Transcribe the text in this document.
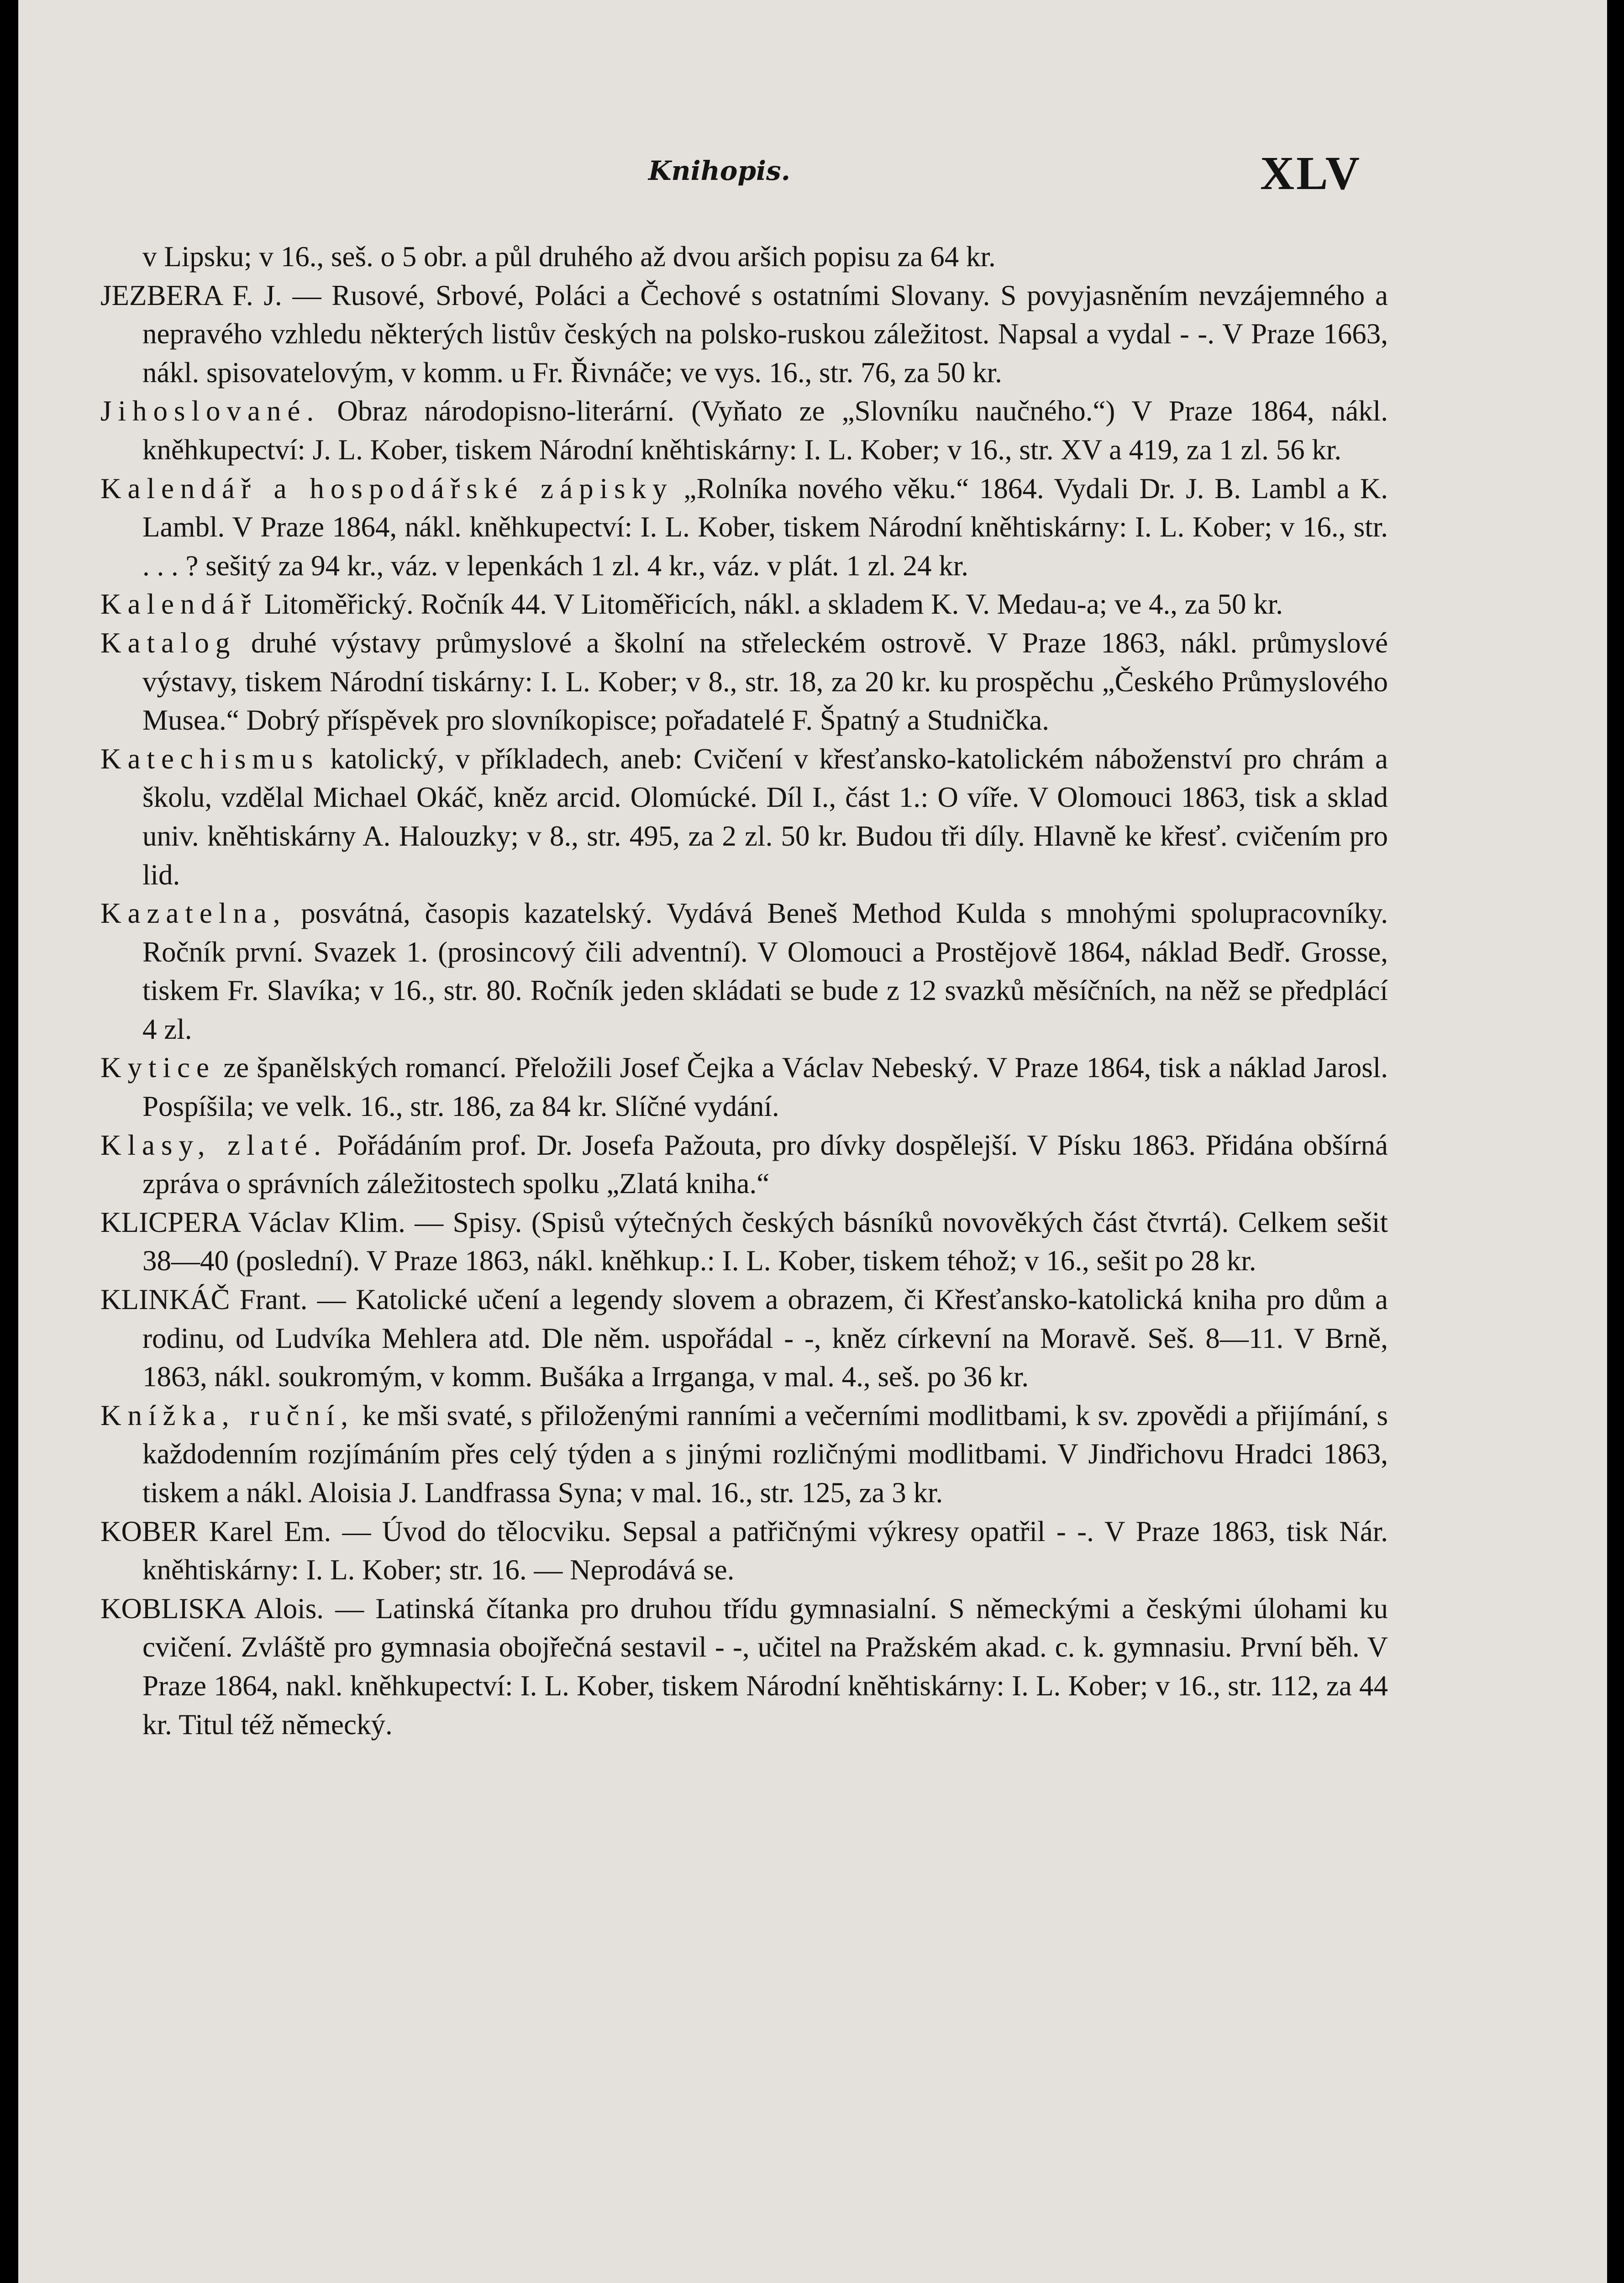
Knihopis.	XLV

v Lipsku; v 16., seš. o 5 obr. a půl druhého až dvou aršich popisu za 64 kr.

JEZBERA F. J. — Rusové, Srbové, Poláci a Čechové s ostatními Slovany. S povyjasněním nevzájemného a nepravého vzhledu některých listův českých na polsko-ruskou záležitost. Napsal a vydal - -. V Praze 1663, nákl. spisovatelovým, v komm. u Fr. Řivnáče; ve vys. 16., str. 76, za 50 kr.

Jihoslované. Obraz národopisno-literární. (Vyňato ze „Slovníku naučného.“) V Praze 1864, nákl. kněhkupectví: J. L. Kober, tiskem Národní kněhtiskárny: I. L. Kober; v 16., str. XV a 419, za 1 zl. 56 kr.

Kalendář a hospodářské zápisky „Rolníka nového věku.“ 1864. Vydali Dr. J. B. Lambl a K. Lambl. V Praze 1864, nákl. kněhkupectví: I. L. Kober, tiskem Národní kněhtiskárny: I. L. Kober; v 16., str. . . . ? sešitý za 94 kr., váz. v lepenkách 1 zl. 4 kr., váz. v plát. 1 zl. 24 kr.

Kalendář Litoměřický. Ročník 44. V Litoměřicích, nákl. a skladem K. V. Medau-a; ve 4., za 50 kr.

Katalog druhé výstavy průmyslové a školní na střeleckém ostrově. V Praze 1863, nákl. průmyslové výstavy, tiskem Národní tiskárny: I. L. Kober; v 8., str. 18, za 20 kr. ku prospěchu „Českého Průmyslového Musea.“ Dobrý příspěvek pro slovníkopisce; pořadatelé F. Špatný a Studnička.

Katechismus katolický, v příkladech, aneb: Cvičení v křesťansko-katolickém náboženství pro chrám a školu, vzdělal Michael Okáč, kněz arcid. Olomúcké. Díl I., část 1.: O víře. V Olomouci 1863, tisk a sklad univ. kněhtiskárny A. Halouzky; v 8., str. 495, za 2 zl. 50 kr. Budou tři díly. Hlavně ke křesť. cvičením pro lid.

Kazatelna, posvátná, časopis kazatelský. Vydává Beneš Method Kulda s mnohými spolupracovníky. Ročník první. Svazek 1. (prosincový čili adventní). V Olomouci a Prostějově 1864, náklad Bedř. Grosse, tiskem Fr. Slavíka; v 16., str. 80. Ročník jeden skládati se bude z 12 svazků měsíčních, na něž se předplácí 4 zl.

Kytice ze španělských romancí. Přeložili Josef Čejka a Václav Nebeský. V Praze 1864, tisk a náklad Jarosl. Pospíšila; ve velk. 16., str. 186, za 84 kr. Slíčné vydání.

Klasy, zlaté. Pořádáním prof. Dr. Josefa Pažouta, pro dívky dospělejší. V Písku 1863. Přidána obšírná zpráva o správních záležitostech spolku „Zlatá kniha.“

KLICPERA Václav Klim. — Spisy. (Spisů výtečných českých básníků novověkých část čtvrtá). Celkem sešit 38—40 (poslední). V Praze 1863, nákl. kněhkup.: I. L. Kober, tiskem téhož; v 16., sešit po 28 kr.

KLINKÁČ Frant. — Katolické učení a legendy slovem a obrazem, či Křesťansko-katolická kniha pro dům a rodinu, od Ludvíka Mehlera atd. Dle něm. uspořádal - -, kněz církevní na Moravě. Seš. 8—11. V Brně, 1863, nákl. soukromým, v komm. Bušáka a Irrganga, v mal. 4., seš. po 36 kr.

Knížka, ruční, ke mši svaté, s přiloženými ranními a večerními modlitbami, k sv. zpovědi a přijímání, s každodenním rozjímáním přes celý týden a s jinými rozličnými modlitbami. V Jindřichovu Hradci 1863, tiskem a nákl. Aloisia J. Landfrassa Syna; v mal. 16., str. 125, za 3 kr.

KOBER Karel Em. — Úvod do tělocviku. Sepsal a patřičnými výkresy opatřil - -. V Praze 1863, tisk Nár. kněhtiskárny: I. L. Kober; str. 16. — Neprodává se.

KOBLISKA Alois. — Latinská čítanka pro druhou třídu gymnasialní. S německými a českými úlohami ku cvičení. Zvláště pro gymnasia obojřečná sestavil - -, učitel na Pražském akad. c. k. gymnasiu. První běh. V Praze 1864, nakl. kněhkupectví: I. L. Kober, tiskem Národní kněhtiskárny: I. L. Kober; v 16., str. 112, za 44 kr. Titul též německý.
